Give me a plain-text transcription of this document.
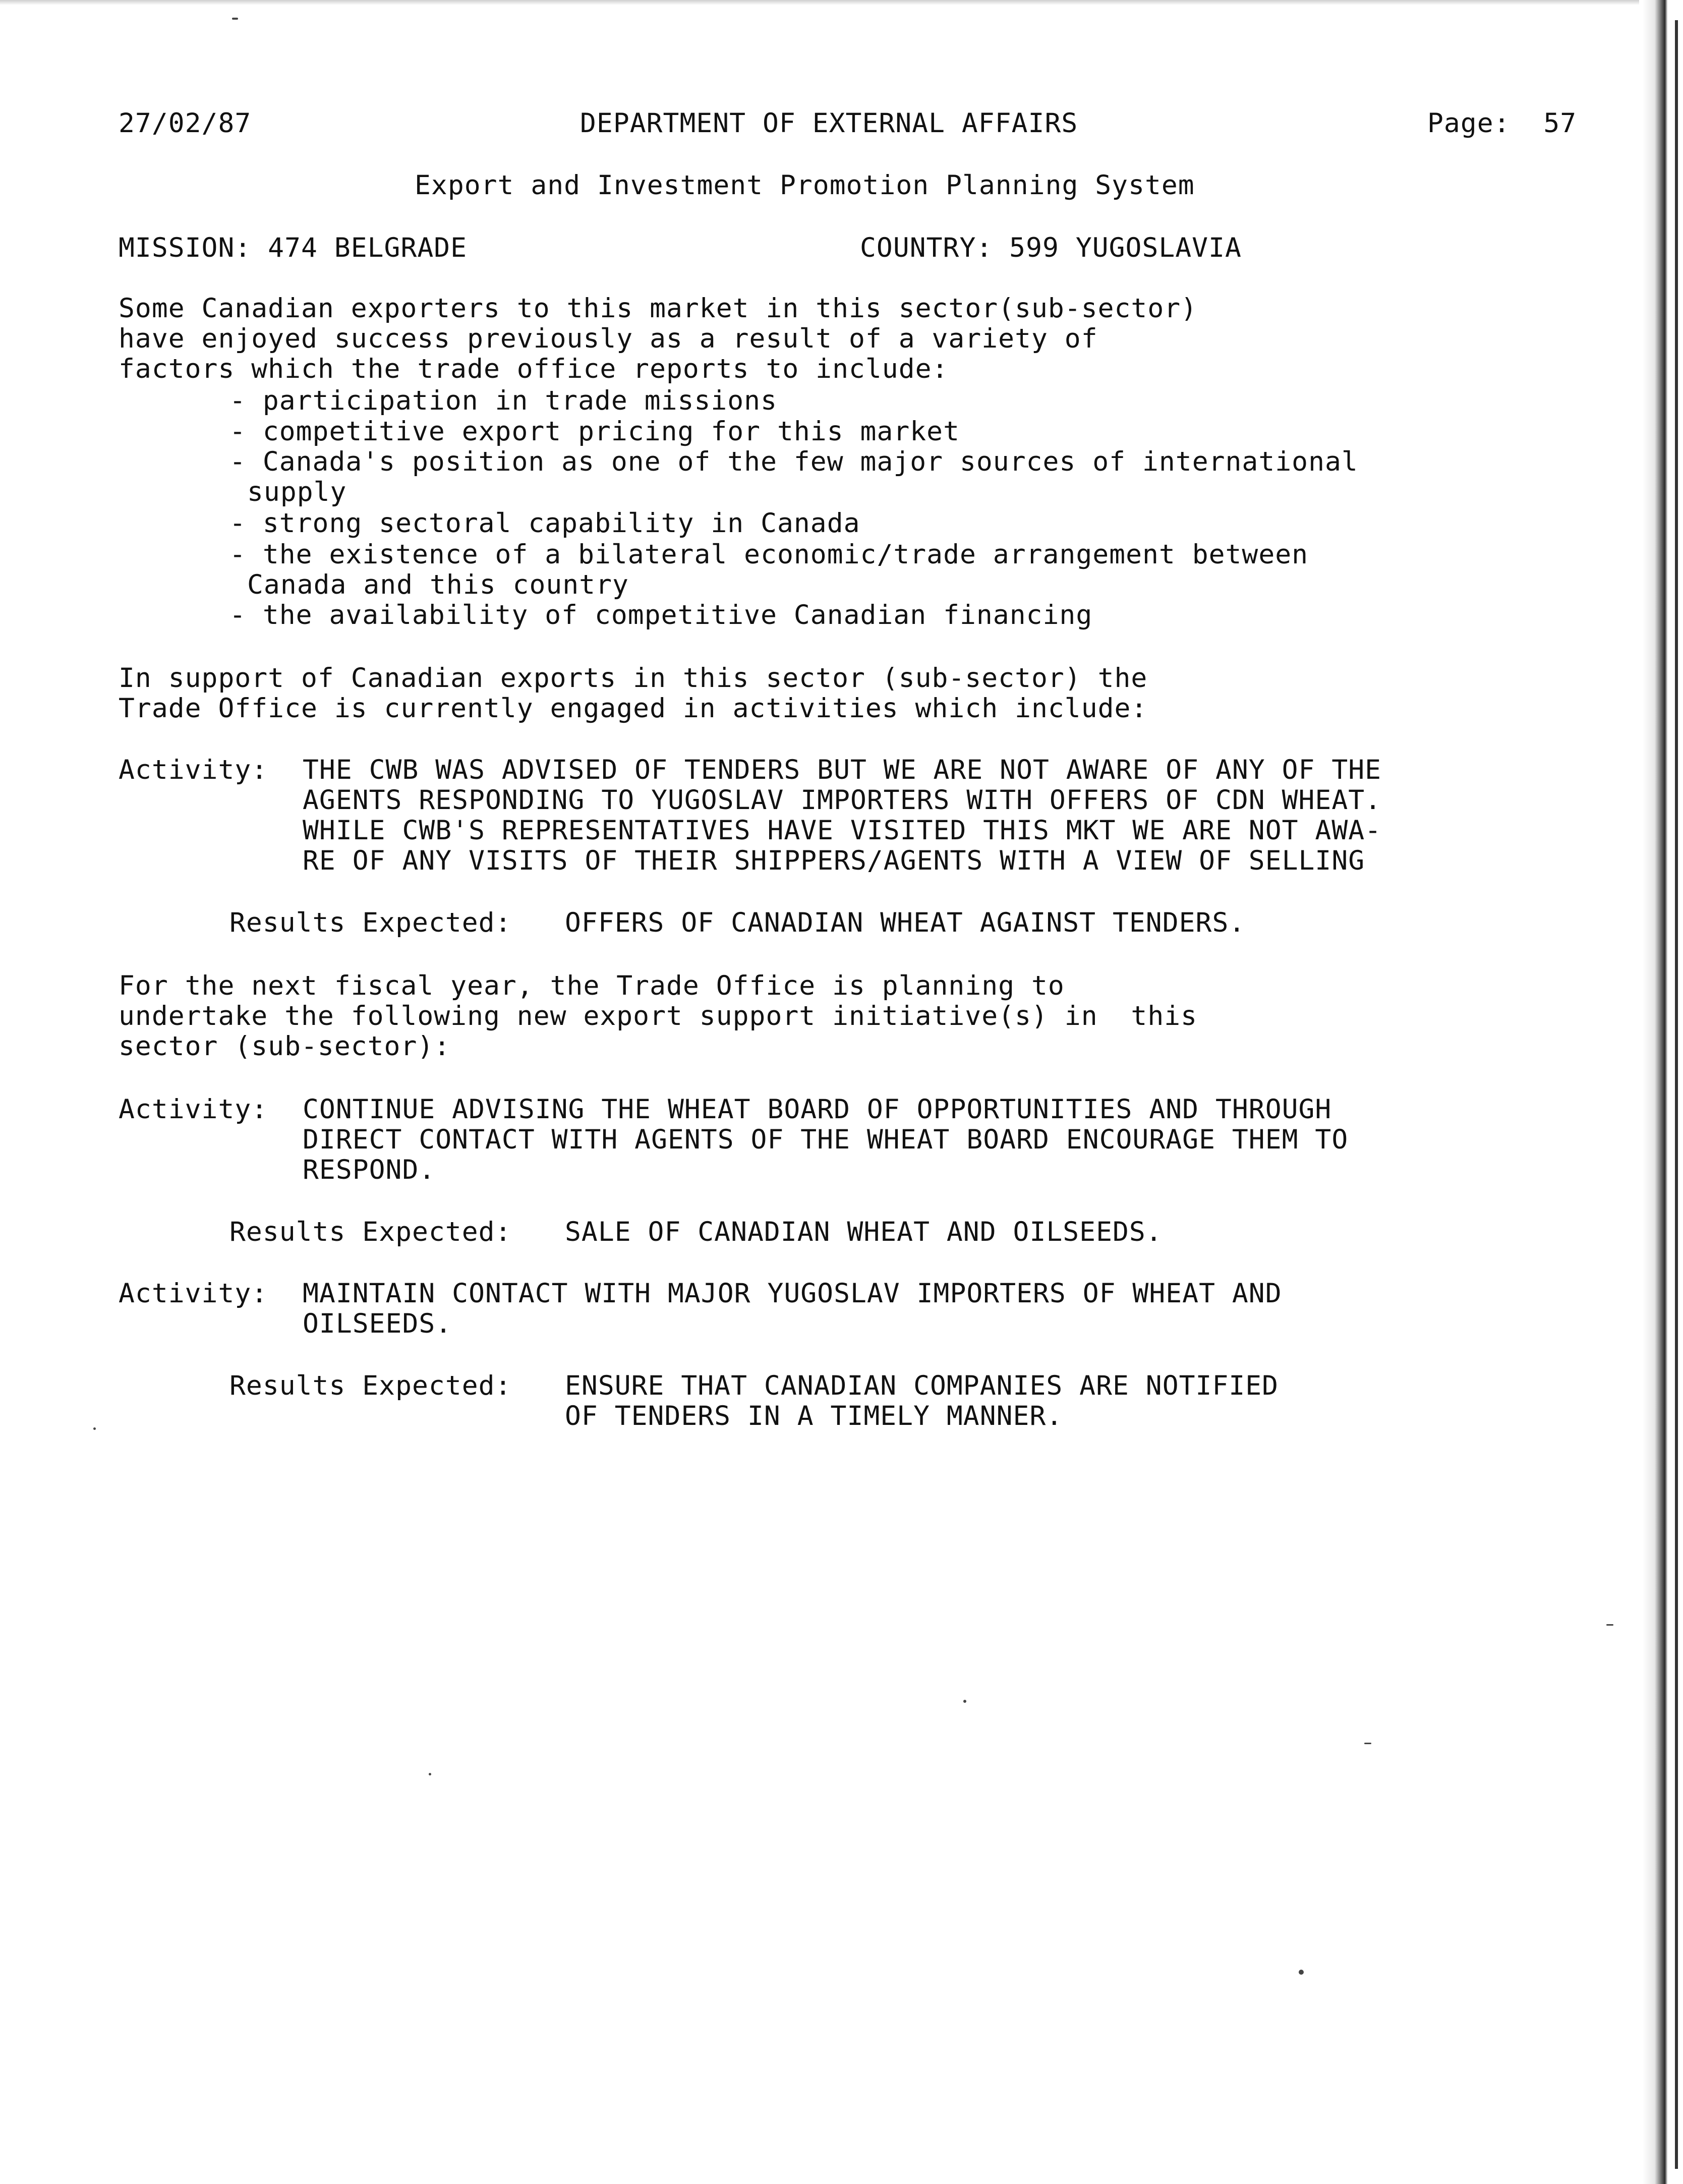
27/02/87	DEPARTMENT OF EXTERNAL AFFAIRS	Page:  57
Export and Investment Promotion Planning System
MISSION: 474 BELGRADE	COUNTRY: 599 YUGOSLAVIA
Some Canadian exporters to this market in this sector(sub-sector)
have enjoyed success previously as a result of a variety of
factors which the trade office reports to include:
- participation in trade missions
- competitive export pricing for this market
- Canada's position as one of the few major sources of international
supply
- strong sectoral capability in Canada
- the existence of a bilateral economic/trade arrangement between
Canada and this country
- the availability of competitive Canadian financing
In support of Canadian exports in this sector (sub-sector) the
Trade Office is currently engaged in activities which include:
Activity: THE CWB WAS ADVISED OF TENDERS BUT WE ARE NOT AWARE OF ANY OF THE
AGENTS RESPONDING TO YUGOSLAV IMPORTERS WITH OFFERS OF CDN WHEAT.
WHILE CWB'S REPRESENTATIVES HAVE VISITED THIS MKT WE ARE NOT AWA-
RE OF ANY VISITS OF THEIR SHIPPERS/AGENTS WITH A VIEW OF SELLING
Results Expected: OFFERS OF CANADIAN WHEAT AGAINST TENDERS.
For the next fiscal year, the Trade Office is planning to
undertake the following new export support initiative(s) in  this
sector (sub-sector):
Activity: CONTINUE ADVISING THE WHEAT BOARD OF OPPORTUNITIES AND THROUGH
DIRECT CONTACT WITH AGENTS OF THE WHEAT BOARD ENCOURAGE THEM TO
RESPOND.
Results Expected: SALE OF CANADIAN WHEAT AND OILSEEDS.
Activity: MAINTAIN CONTACT WITH MAJOR YUGOSLAV IMPORTERS OF WHEAT AND
OILSEEDS.
Results Expected: ENSURE THAT CANADIAN COMPANIES ARE NOTIFIED
OF TENDERS IN A TIMELY MANNER.
